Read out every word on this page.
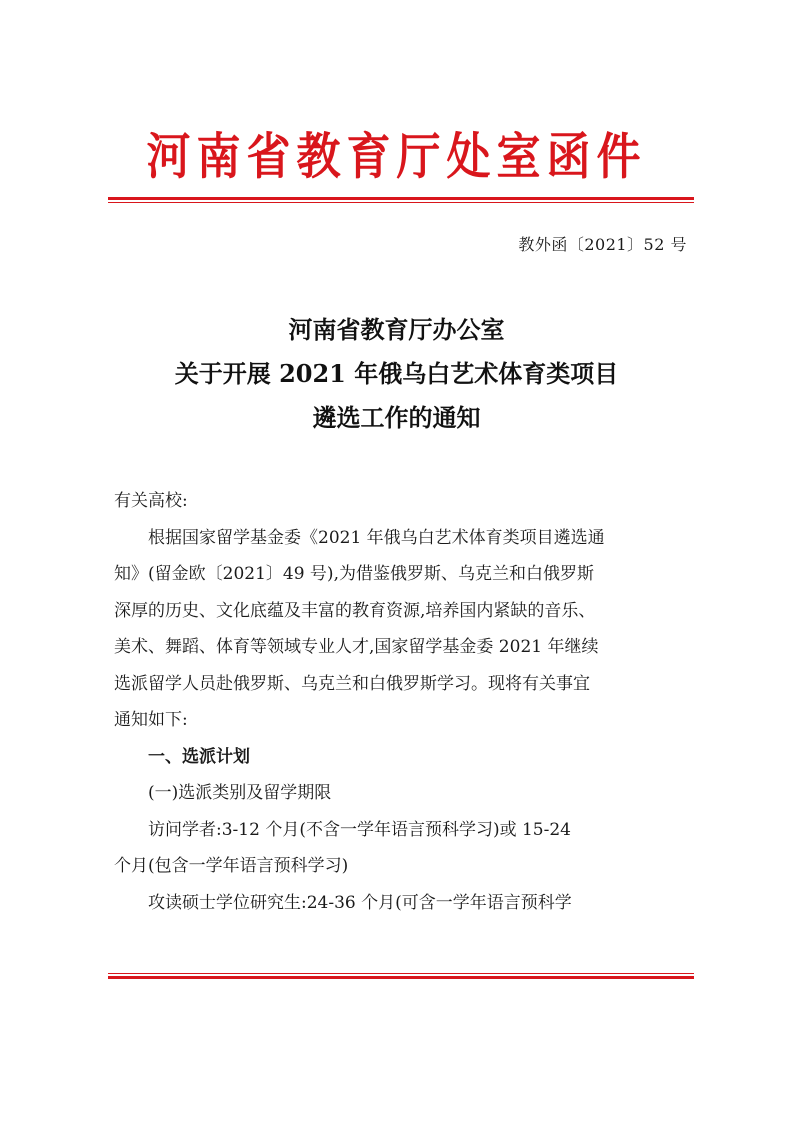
河南省教育厅处室函件
教外函〔2021〕52 号
河南省教育厅办公室
关于开展 2021 年俄乌白艺术体育类项目
遴选工作的通知

有关高校:

根据国家留学基金委《2021 年俄乌白艺术体育类项目遴选通

知》(留金欧〔2021〕49 号),为借鉴俄罗斯、乌克兰和白俄罗斯

深厚的历史、文化底蕴及丰富的教育资源,培养国内紧缺的音乐、

美术、舞蹈、体育等领域专业人才,国家留学基金委 2021 年继续

选派留学人员赴俄罗斯、乌克兰和白俄罗斯学习。现将有关事宜

通知如下:

一、选派计划

(一)选派类别及留学期限

访问学者:3-12 个月(不含一学年语言预科学习)或 15-24

个月(包含一学年语言预科学习)

攻读硕士学位研究生:24-36 个月(可含一学年语言预科学
